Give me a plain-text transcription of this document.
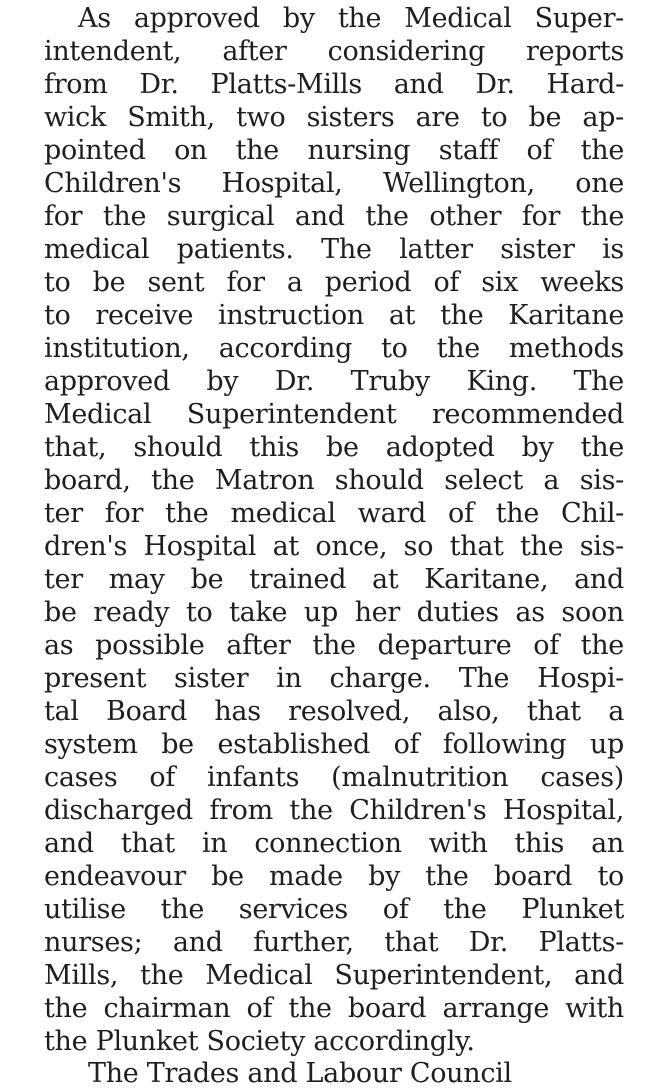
As approved by the Medical Super-
intendent, after considering reports
from Dr. Platts-Mills and Dr. Hard-
wick Smith, two sisters are to be ap-
pointed on the nursing staff of the
Children's Hospital, Wellington, one
for the surgical and the other for the
medical patients. The latter sister is
to be sent for a period of six weeks
to receive instruction at the Karitane
institution, according to the methods
approved by Dr. Truby King. The
Medical Superintendent recommended
that, should this be adopted by the
board, the Matron should select a sis-
ter for the medical ward of the Chil-
dren's Hospital at once, so that the sis-
ter may be trained at Karitane, and
be ready to take up her duties as soon
as possible after the departure of the
present sister in charge. The Hospi-
tal Board has resolved, also, that a
system be established of following up
cases of infants (malnutrition cases)
discharged from the Children's Hospital,
and that in connection with this an
endeavour be made by the board to
utilise the services of the Plunket
nurses; and further, that Dr. Platts-
Mills, the Medical Superintendent, and
the chairman of the board arrange with
the Plunket Society accordingly.
The Trades and Labour Council
